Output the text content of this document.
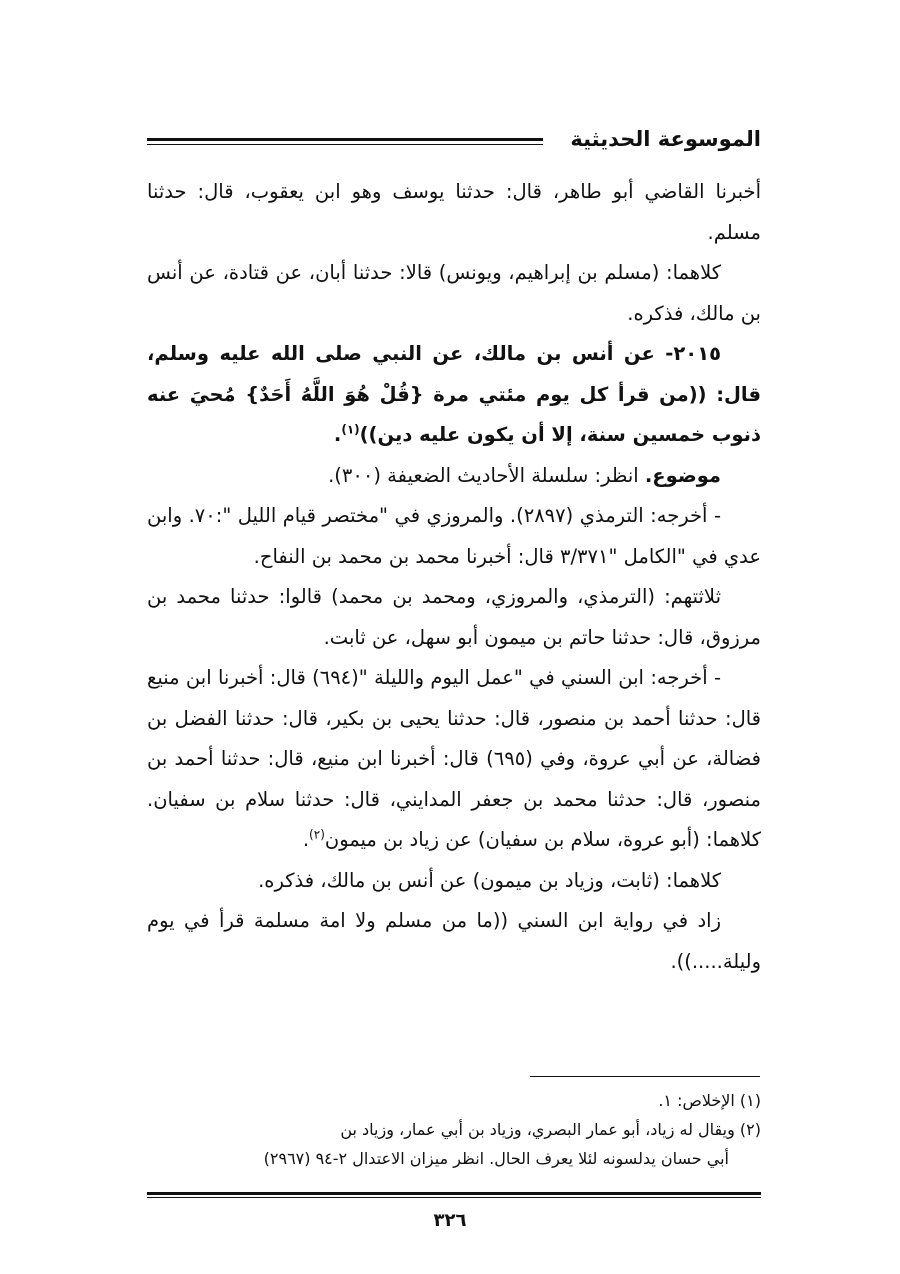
الموسوعة الحديثية

أخبرنا القاضي أبو طاهر، قال: حدثنا يوسف وهو ابن يعقوب، قال: حدثنا مسلم.

كلاهما: (مسلم بن إبراهيم، ويونس) قالا: حدثنا أبان، عن قتادة، عن أنس بن مالك، فذكره.

٢٠١٥- عن أنس بن مالك، عن النبي صلى الله عليه وسلم، قال: ((من قرأ كل يوم مئتي مرة {قُلْ هُوَ اللَّهُ أَحَدٌ} مُحيَ عنه ذنوب خمسين سنة، إلا أن يكون عليه دين))$^{(١)}$.

موضوع. انظر: سلسلة الأحاديث الضعيفة (٣٠٠).

- أخرجه: الترمذي (٢٨٩٧). والمروزي في "مختصر قيام الليل ":٧٠. وابن عدي في "الكامل "٣/٣٧١ قال: أخبرنا محمد بن محمد بن النفاح.

ثلاثتهم: (الترمذي، والمروزي، ومحمد بن محمد) قالوا: حدثنا محمد بن مرزوق، قال: حدثنا حاتم بن ميمون أبو سهل، عن ثابت.

- أخرجه: ابن السني في "عمل اليوم والليلة "(٦٩٤) قال: أخبرنا ابن منيع قال: حدثنا أحمد بن منصور، قال: حدثنا يحيى بن بكير، قال: حدثنا الفضل بن فضالة، عن أبي عروة، وفي (٦٩٥) قال: أخبرنا ابن منيع، قال: حدثنا أحمد بن منصور، قال: حدثنا محمد بن جعفر المدايني، قال: حدثنا سلام بن سفيان. كلاهما: (أبو عروة، سلام بن سفيان) عن زياد بن ميمون$^{(٢)}$.

كلاهما: (ثابت، وزياد بن ميمون) عن أنس بن مالك، فذكره.

زاد في رواية ابن السني ((ما من مسلم ولا امة مسلمة قرأ في يوم وليلة.....)).

(١) الإخلاص: ١.

(٢) ويقال له زياد، أبو عمار البصري، وزياد بن أبي عمار، وزياد بن

أبي حسان يدلسونه لئلا يعرف الحال. انظر ميزان الاعتدال ٢-٩٤ (٢٩٦٧)

٣٢٦
